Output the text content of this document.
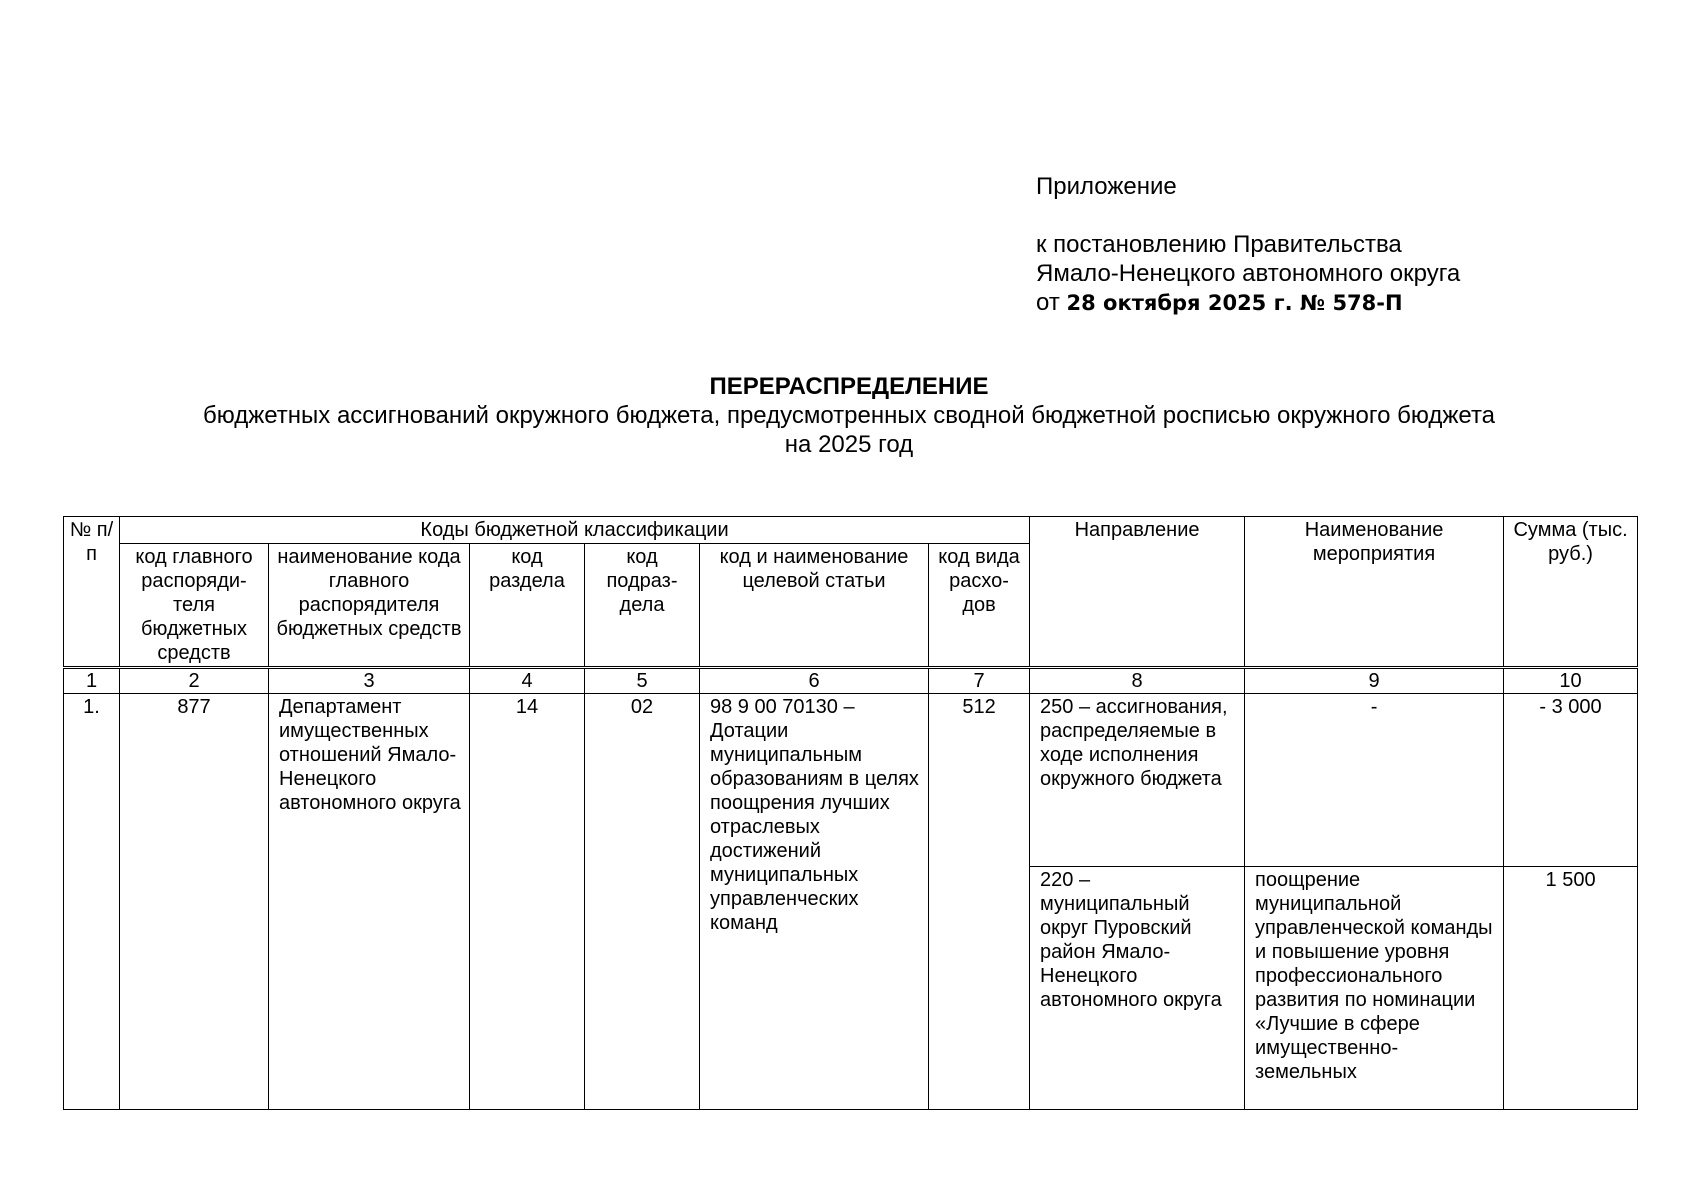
Приложение
к постановлению Правительства
Ямало-Ненецкого автономного округа
от 28 октября 2025 г. № 578-П
ПЕРЕРАСПРЕДЕЛЕНИЕ
бюджетных ассигнований окружного бюджета, предусмотренных сводной бюджетной росписью окружного бюджета
на 2025 год
№ п/п	Коды бюджетной классификации						Направление	Наименование мероприятия	Сумма (тыс. руб.)
	код главного распоряди-теля бюджетных средств	наименование кода главного распорядителя бюджетных средств	код раздела	код подраз-дела	код и наименование целевой статьи	код вида расхо-дов			
1	2	3	4	5	6	7	8	9	10
1.	877	Департамент имущественных отношений Ямало-Ненецкого автономного округа	14	02	98 9 00 70130 – Дотации муниципальным образованиям в целях поощрения лучших отраслевых достижений муниципальных управленческих команд	512	250 – ассигнования, распределяемые в ходе исполнения окружного бюджета	-	- 3 000
							220 – муниципальный округ Пуровский район Ямало-Ненецкого автономного округа	поощрение муниципальной управленческой команды и повышение уровня профессионального развития по номинации «Лучшие в сфере имущественно-земельных	1 500
